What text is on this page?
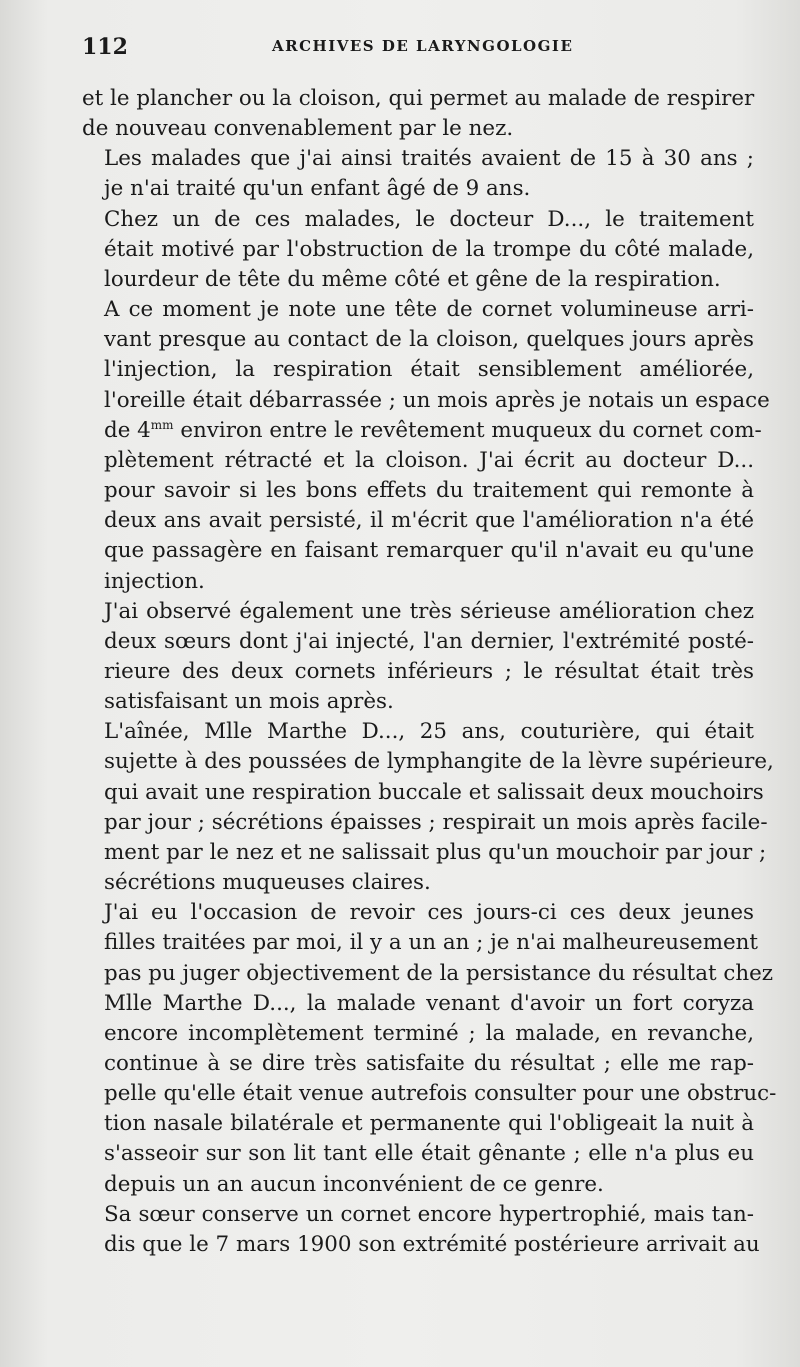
112	ARCHIVES DE LARYNGOLOGIE
et le plancher ou la cloison, qui permet au malade de respirer
de nouveau convenablement par le nez.
Les malades que j'ai ainsi traités avaient de 15 à 30 ans ;
je n'ai traité qu'un enfant âgé de 9 ans.
Chez un de ces malades, le docteur D..., le traitement
était motivé par l'obstruction de la trompe du côté malade,
lourdeur de tête du même côté et gêne de la respiration.
A ce moment je note une tête de cornet volumineuse arri-
vant presque au contact de la cloison, quelques jours après
l'injection, la respiration était sensiblement améliorée,
l'oreille était débarrassée ; un mois après je notais un espace
de $4^{mm}$ environ entre le revêtement muqueux du cornet com-
plètement rétracté et la cloison. J'ai écrit au docteur D...
pour savoir si les bons effets du traitement qui remonte à
deux ans avait persisté, il m'écrit que l'amélioration n'a été
que passagère en faisant remarquer qu'il n'avait eu qu'une
injection.
J'ai observé également une très sérieuse amélioration chez
deux sœurs dont j'ai injecté, l'an dernier, l'extrémité posté-
rieure des deux cornets inférieurs ; le résultat était très
satisfaisant un mois après.
L'aînée, Mlle Marthe D..., 25 ans, couturière, qui était
sujette à des poussées de lymphangite de la lèvre supérieure,
qui avait une respiration buccale et salissait deux mouchoirs
par jour ; sécrétions épaisses ; respirait un mois après facile-
ment par le nez et ne salissait plus qu'un mouchoir par jour ;
sécrétions muqueuses claires.
J'ai eu l'occasion de revoir ces jours-ci ces deux jeunes
filles traitées par moi, il y a un an ; je n'ai malheureusement
pas pu juger objectivement de la persistance du résultat chez
Mlle Marthe D..., la malade venant d'avoir un fort coryza
encore incomplètement terminé ; la malade, en revanche,
continue à se dire très satisfaite du résultat ; elle me rap-
pelle qu'elle était venue autrefois consulter pour une obstruc-
tion nasale bilatérale et permanente qui l'obligeait la nuit à
s'asseoir sur son lit tant elle était gênante ; elle n'a plus eu
depuis un an aucun inconvénient de ce genre.
Sa sœur conserve un cornet encore hypertrophié, mais tan-
dis que le 7 mars 1900 son extrémité postérieure arrivait au
